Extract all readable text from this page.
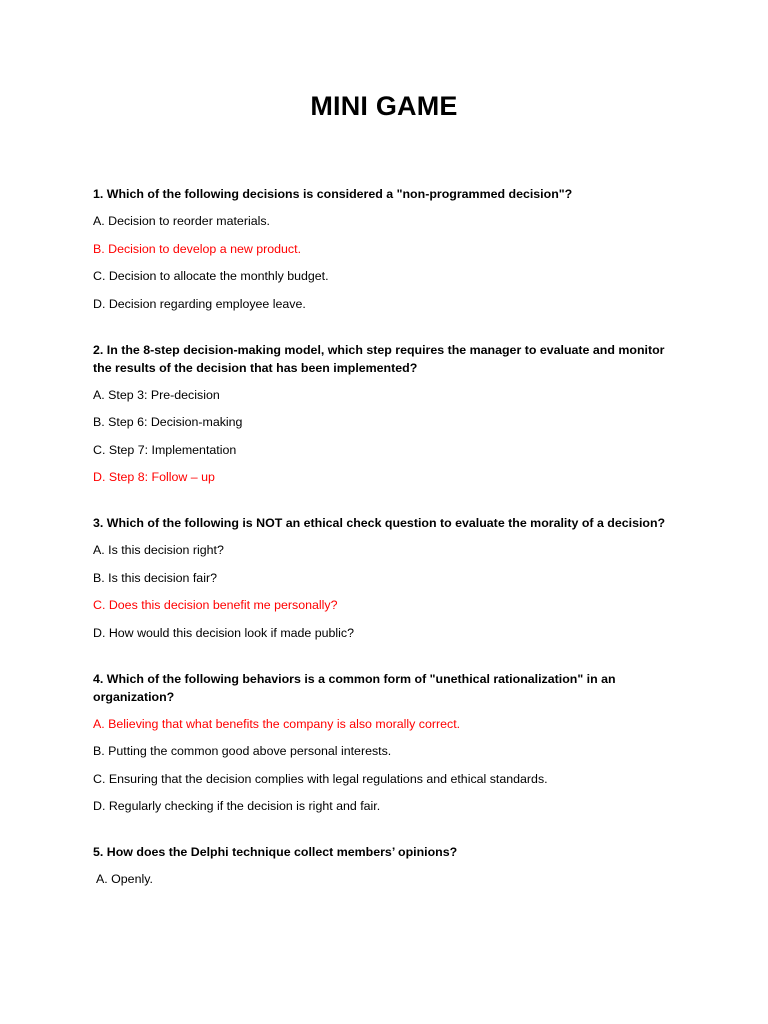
MINI GAME
1. Which of the following decisions is considered a "non-programmed decision"?
A. Decision to reorder materials.
B. Decision to develop a new product.
C. Decision to allocate the monthly budget.
D. Decision regarding employee leave.
2. In the 8-step decision-making model, which step requires the manager to evaluate and monitor the results of the decision that has been implemented?
A. Step 3: Pre-decision
B. Step 6: Decision-making
C. Step 7: Implementation
D. Step 8: Follow – up
3. Which of the following is NOT an ethical check question to evaluate the morality of a decision?
A. Is this decision right?
B. Is this decision fair?
C. Does this decision benefit me personally?
D. How would this decision look if made public?
4. Which of the following behaviors is a common form of "unethical rationalization" in an organization?
A. Believing that what benefits the company is also morally correct.
B. Putting the common good above personal interests.
C. Ensuring that the decision complies with legal regulations and ethical standards.
D. Regularly checking if the decision is right and fair.
5. How does the Delphi technique collect members’ opinions?
A. Openly.
